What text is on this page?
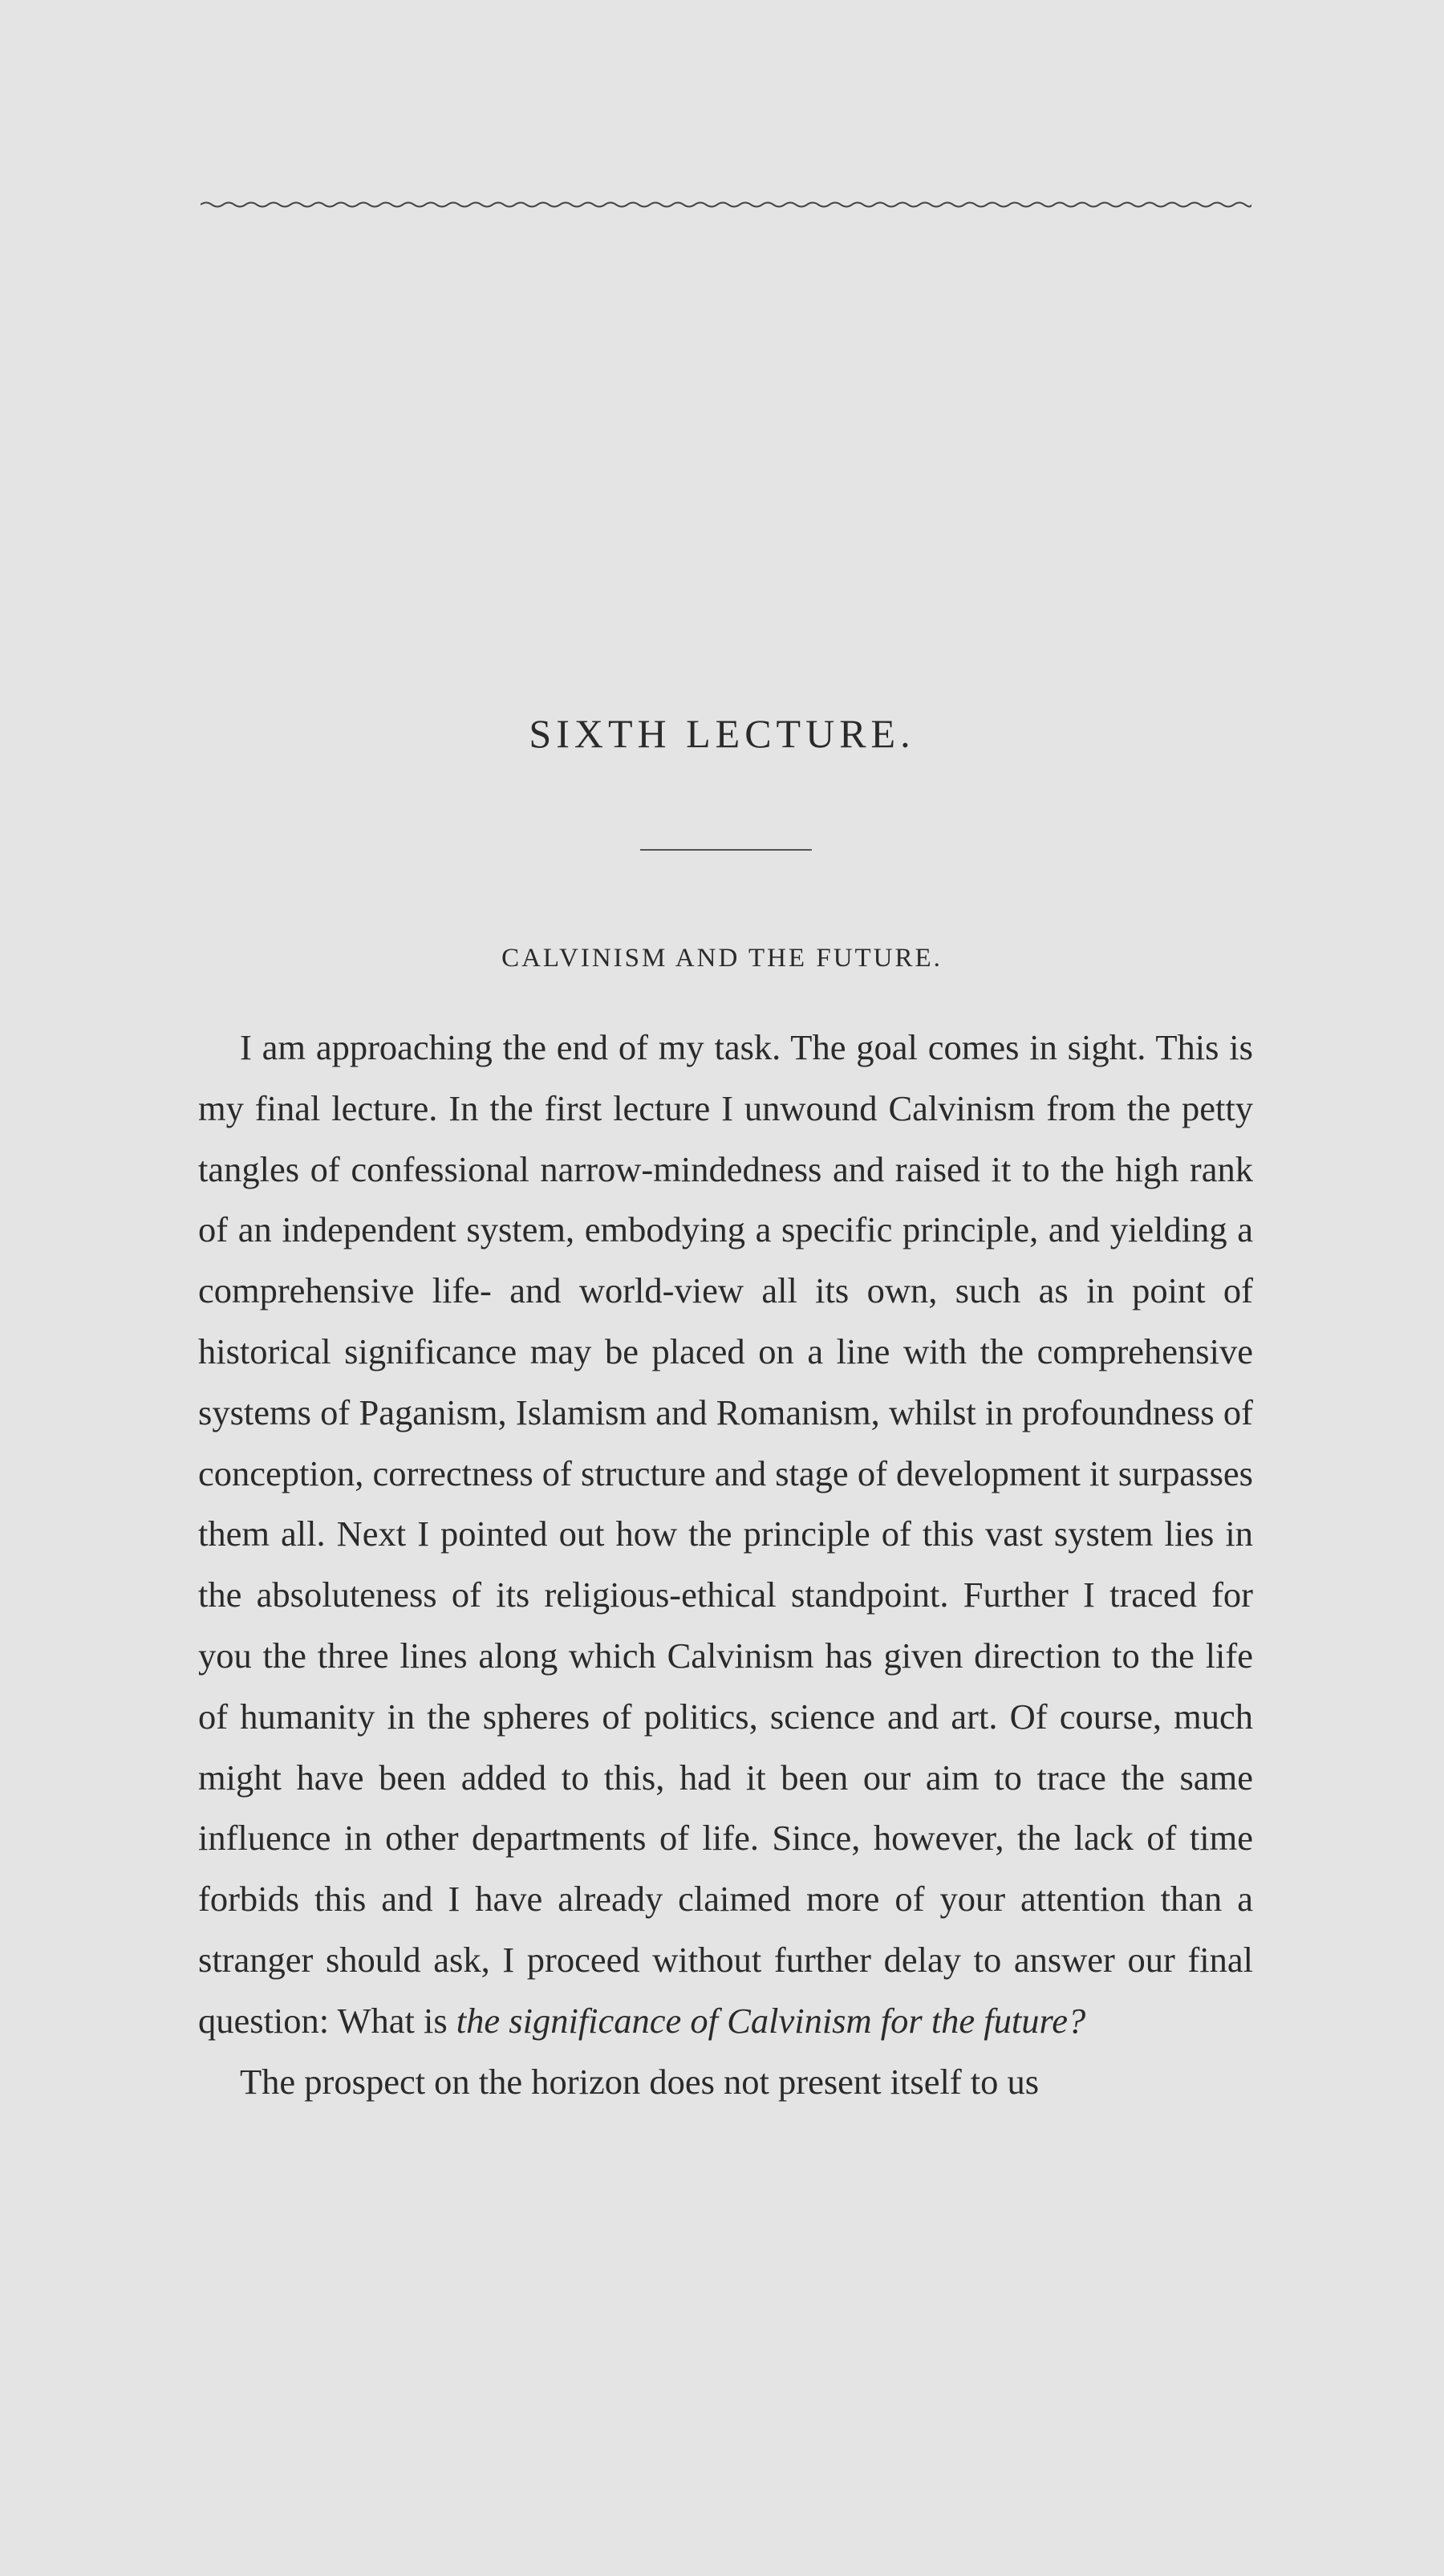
SIXTH LECTURE.
CALVINISM AND THE FUTURE.

I am approaching the end of my task. The goal comes in sight. This is my final lecture. In the first lecture I unwound Calvinism from the petty tangles of confessional narrow-mindedness and raised it to the high rank of an independent system, embodying a specific principle, and yielding a comprehensive life- and world-view all its own, such as in point of historical significance may be placed on a line with the comprehensive systems of Paganism, Islamism and Romanism, whilst in profoundness of conception, correctness of structure and stage of development it surpasses them all. Next I pointed out how the principle of this vast system lies in the absoluteness of its religious-ethical standpoint. Further I traced for you the three lines along which Calvinism has given direction to the life of humanity in the spheres of politics, science and art. Of course, much might have been added to this, had it been our aim to trace the same influence in other departments of life. Since, however, the lack of time forbids this and I have already claimed more of your attention than a stranger should ask, I proceed without further delay to answer our final question: What is the significance of Calvinism for the future?

The prospect on the horizon does not present itself to us
